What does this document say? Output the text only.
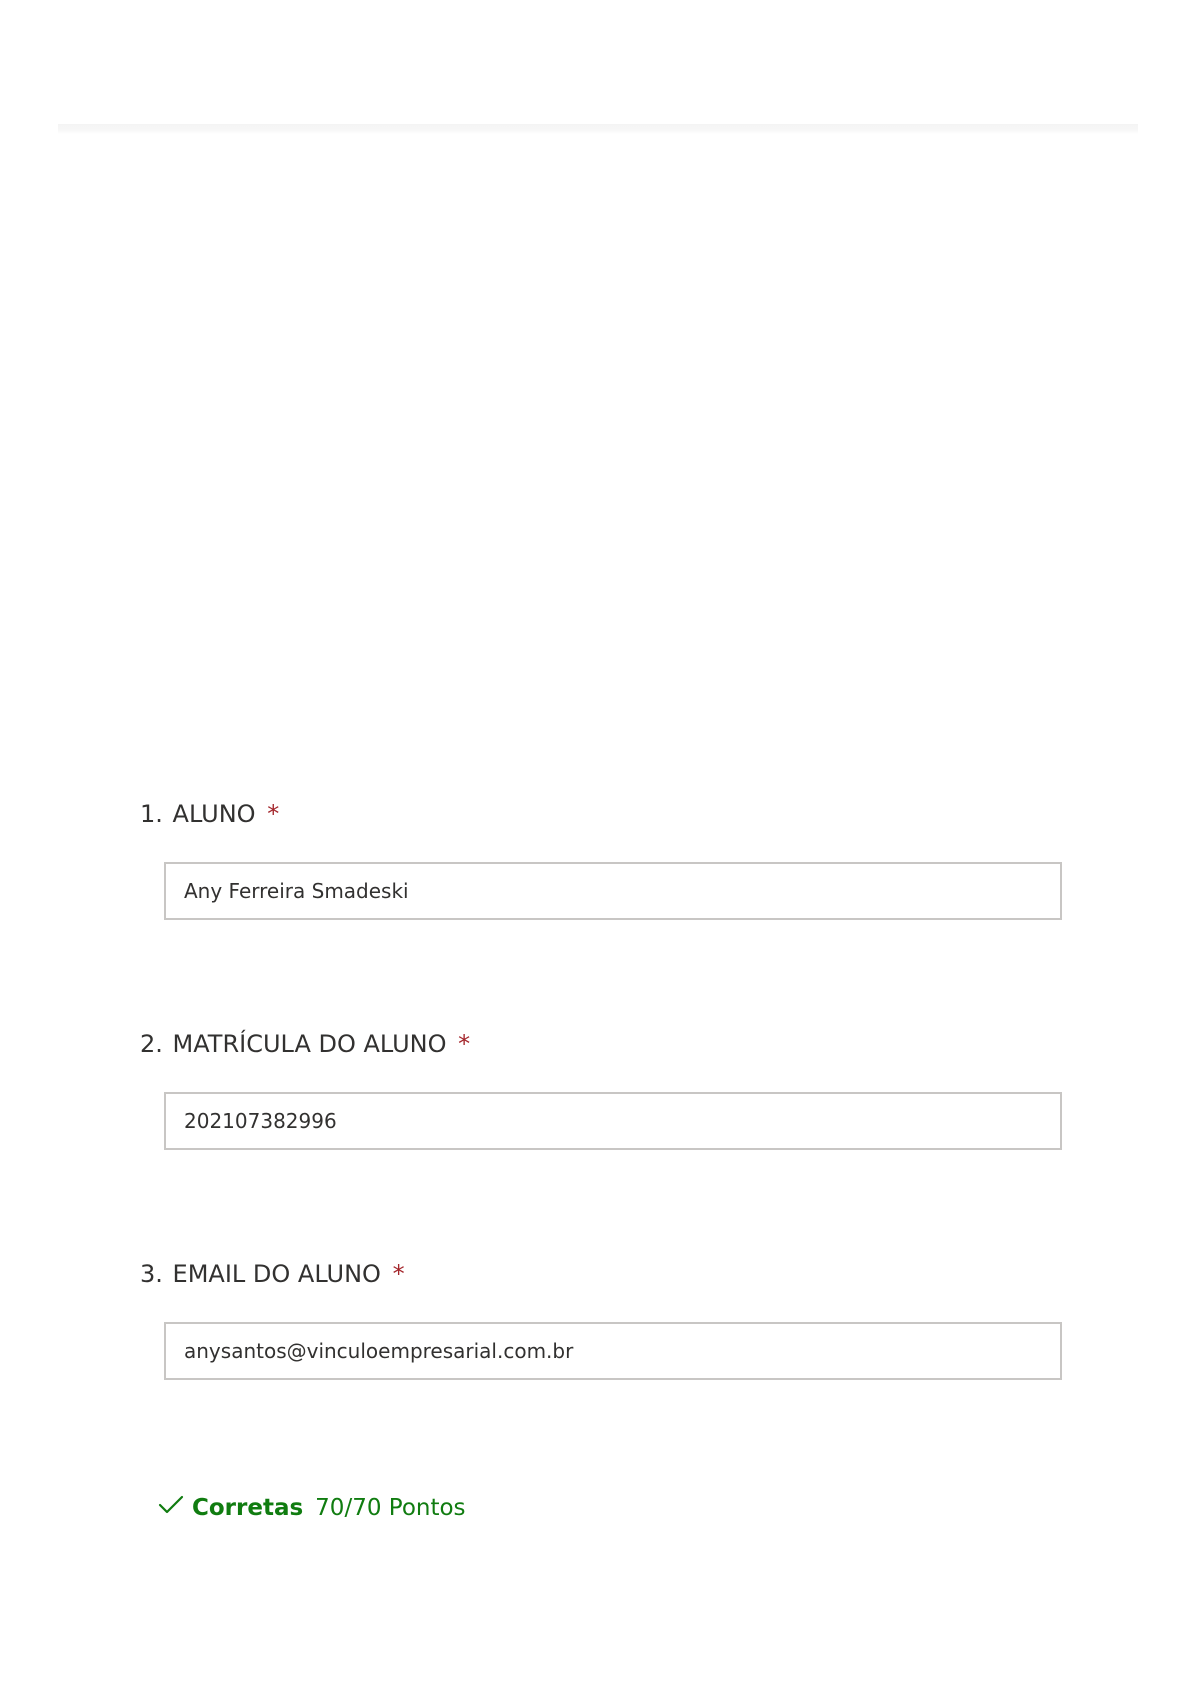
1. ALUNO *
Any Ferreira Smadeski
2. MATRÍCULA DO ALUNO *
202107382996
3. EMAIL DO ALUNO *
anysantos@vinculoempresarial.com.br
Corretas 70/70 Pontos
